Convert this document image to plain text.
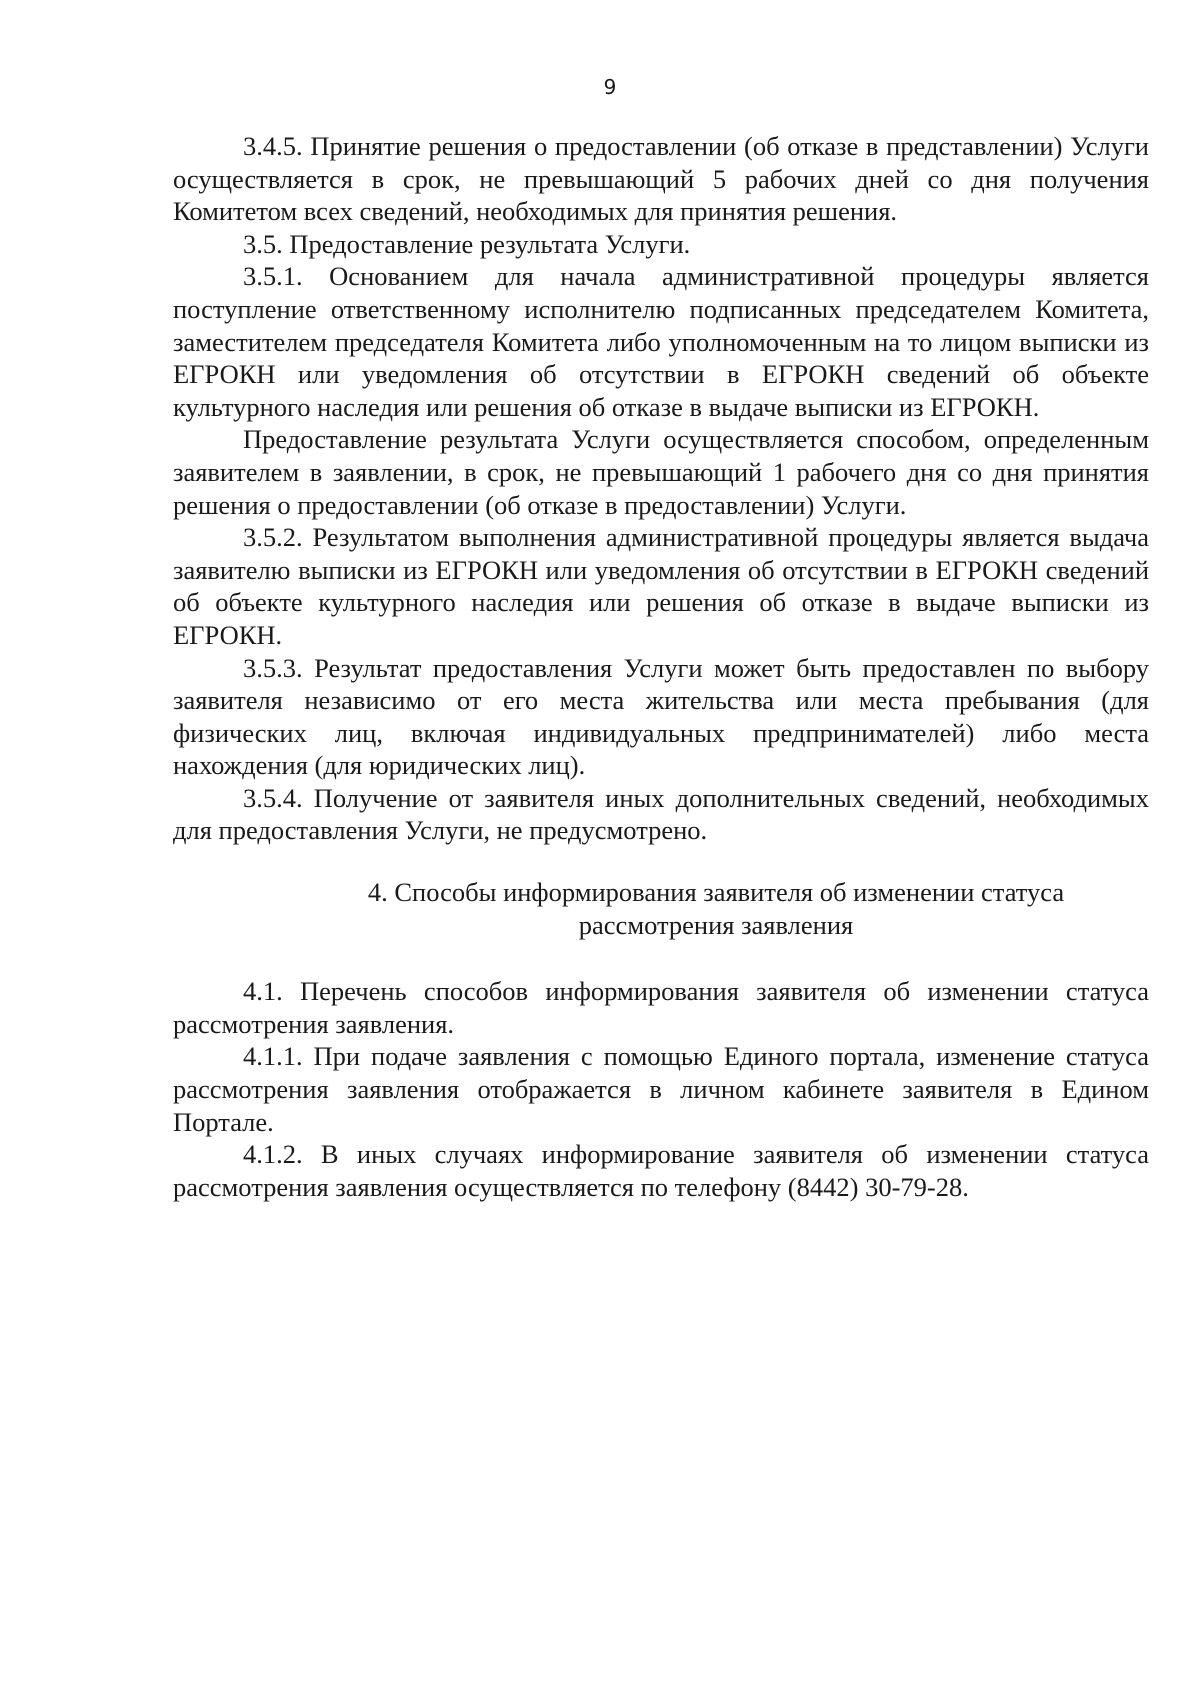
9

3.4.5. Принятие решения о предоставлении (об отказе в представлении) Услуги осуществляется в срок, не превышающий 5 рабочих дней со дня получения Комитетом всех сведений, необходимых для принятия решения.

3.5. Предоставление результата Услуги.

3.5.1. Основанием для начала административной процедуры является поступление ответственному исполнителю подписанных председателем Комитета, заместителем председателя Комитета либо уполномоченным на то лицом выписки из ЕГРОКН или уведомления об отсутствии в ЕГРОКН сведений об объекте культурного наследия или решения об отказе в выдаче выписки из ЕГРОКН.

Предоставление результата Услуги осуществляется способом, определенным заявителем в заявлении, в срок, не превышающий 1 рабочего дня со дня принятия решения о предоставлении (об отказе в предоставлении) Услуги.

3.5.2. Результатом выполнения административной процедуры является выдача заявителю выписки из ЕГРОКН или уведомления об отсутствии в ЕГРОКН сведений об объекте культурного наследия или решения об отказе в выдаче выписки из ЕГРОКН.

3.5.3. Результат предоставления Услуги может быть предоставлен по выбору заявителя независимо от его места жительства или места пребывания (для физических лиц, включая индивидуальных предпринимателей) либо места нахождения (для юридических лиц).

3.5.4. Получение от заявителя иных дополнительных сведений, необходимых для предоставления Услуги, не предусмотрено.

4. Способы информирования заявителя об изменении статуса рассмотрения заявления

4.1. Перечень способов информирования заявителя об изменении статуса рассмотрения заявления.

4.1.1. При подаче заявления с помощью Единого портала, изменение статуса рассмотрения заявления отображается в личном кабинете заявителя в Едином Портале.

4.1.2. В иных случаях информирование заявителя об изменении статуса рассмотрения заявления осуществляется по телефону (8442) 30-79-28.
